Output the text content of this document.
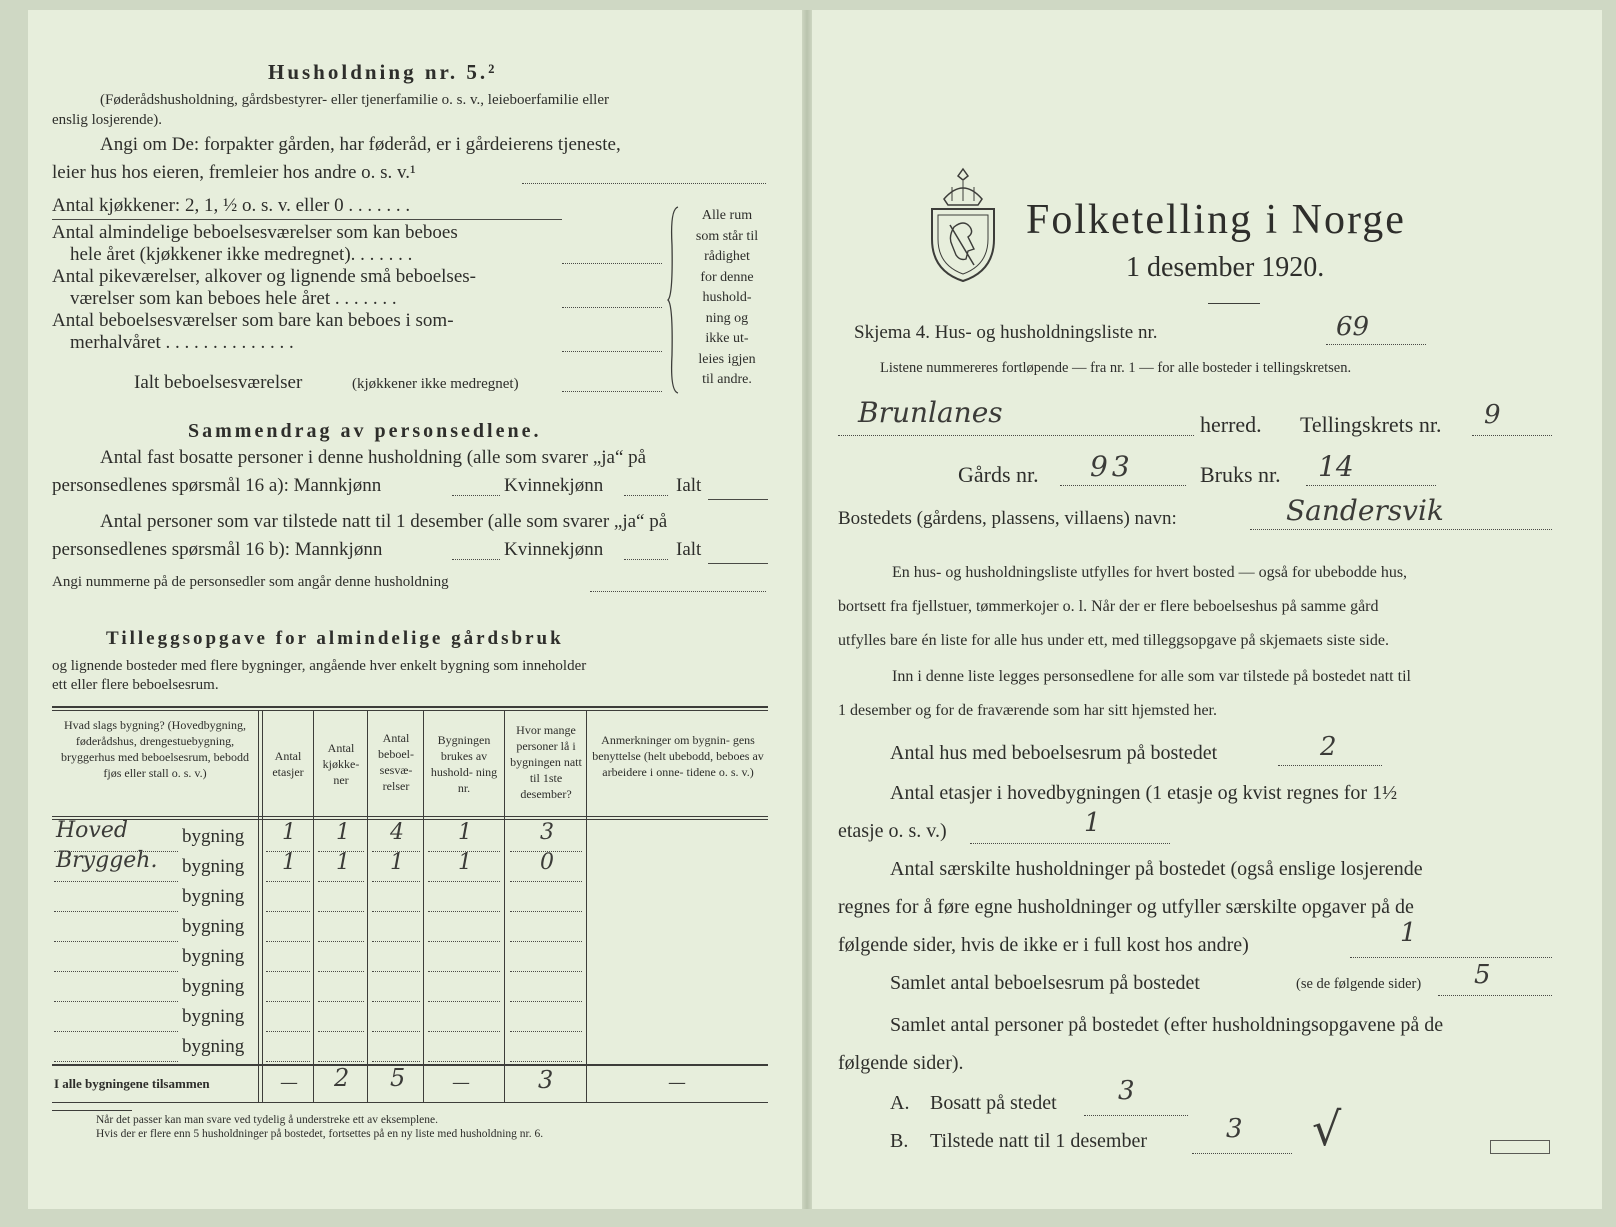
Husholdning nr. 5.²
(Føderådshusholdning, gårdsbestyrer- eller tjenerfamilie o. s. v., leieboerfamilie eller
enslig losjerende).
Angi om De: forpakter gården, har føderåd, er i gårdeierens tjeneste,
leier hus hos eieren, fremleier hos andre o. s. v.¹
Antal kjøkkener: 2, 1, ½ o. s. v. eller 0 . . . . . . .
Antal almindelige beboelsesværelser som kan beboes
hele året (kjøkkener ikke medregnet). . . . . . .
Antal pikeværelser, alkover og lignende små beboelses-
værelser som kan beboes hele året . . . . . . .
Antal beboelsesværelser som bare kan beboes i som-
merhalvåret . . . . . . . . . . . . . .
Ialt beboelsesværelser	(kjøkkener ikke medregnet)
Alle rum
som står til
rådighet
for denne
hushold-
ning og
ikke ut-
leies igjen
til andre.
Sammendrag av personsedlene.
Antal fast bosatte personer i denne husholdning (alle som svarer „ja“ på
personsedlenes spørsmål 16 a): Mannkjønn	Kvinnekjønn	Ialt
Antal personer som var tilstede natt til 1 desember (alle som svarer „ja“ på
personsedlenes spørsmål 16 b): Mannkjønn	Kvinnekjønn	Ialt
Angi nummerne på de personsedler som angår denne husholdning
Tilleggsopgave for almindelige gårdsbruk
og lignende bosteder med flere bygninger, angående hver enkelt bygning som inneholder
ett eller flere beboelsesrum.
Hvad slags bygning? (Hovedbygning, føderådshus, drengestuebygning, bryggerhus med beboelsesrum, bebodd fjøs eller stall o. s. v.)
Antal etasjer
Antal kjøkke- ner
Antal beboel- sesvæ- relser
Bygningen brukes av hushold- ning nr.
Hvor mange personer lå i bygningen natt til 1ste desember?
Anmerkninger om bygnin- gens benyttelse (helt ubebodd, beboes av arbeidere i onne- tidene o. s. v.)
Hoved	bygning 1 1 4 1	3
Bryggeh. bygning 1 1 1 1	0
bygning
bygning
bygning
bygning
bygning
bygning
I alle bygningene tilsammen	— 2 5	—	3	—
Når det passer kan man svare ved tydelig å understreke ett av eksemplene.
Hvis der er flere enn 5 husholdninger på bostedet, fortsettes på en ny liste med husholdning nr. 6.
Folketelling i Norge
1 desember 1920.
Skjema 4. Hus- og husholdningsliste nr.	69
Listene nummereres fortløpende — fra nr. 1 — for alle bosteder i tellingskretsen.
Brunlanes	herred. Tellingskrets nr. 9
Gårds nr. 93	Bruks nr. 14
Bostedets (gårdens, plassens, villaens) navn:	Sandersvik
En hus- og husholdningsliste utfylles for hvert bosted — også for ubebodde hus,
bortsett fra fjellstuer, tømmerkojer o. l. Når der er flere beboelseshus på samme gård
utfylles bare én liste for alle hus under ett, med tilleggsopgave på skjemaets siste side.
Inn i denne liste legges personsedlene for alle som var tilstede på bostedet natt til
1 desember og for de fraværende som har sitt hjemsted her.
Antal hus med beboelsesrum på bostedet	2
Antal etasjer i hovedbygningen (1 etasje og kvist regnes for 1½
etasje o. s. v.)	1
Antal særskilte husholdninger på bostedet (også enslige losjerende
regnes for å føre egne husholdninger og utfyller særskilte opgaver på de
følgende sider, hvis de ikke er i full kost hos andre)	1
Samlet antal beboelsesrum på bostedet	(se de følgende sider) 5
Samlet antal personer på bostedet (efter husholdningsopgavene på de
følgende sider).
A. Bosatt på stedet 3
B. Tilstede natt til 1 desember	3 √
